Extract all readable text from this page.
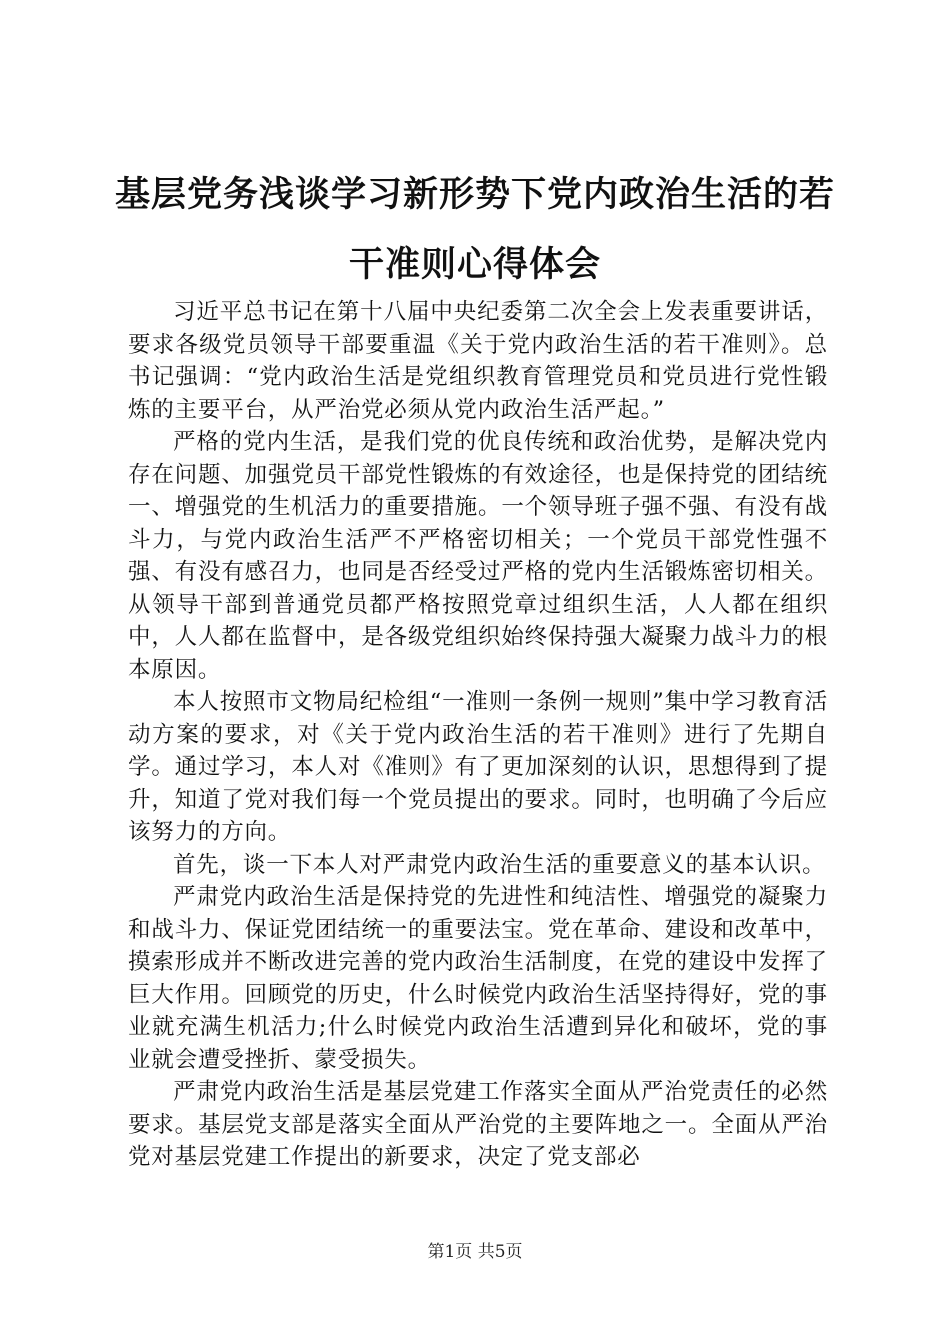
基层党务浅谈学习新形势下党内政治生活的若干准则心得体会

习近平总书记在第十八届中央纪委第二次全会上发表重要讲话，要求各级党员领导干部要重温《关于党内政治生活的若干准则》。总书记强调：“党内政治生活是党组织教育管理党员和党员进行党性锻炼的主要平台，从严治党必须从党内政治生活严起。”

严格的党内生活，是我们党的优良传统和政治优势，是解决党内存在问题、加强党员干部党性锻炼的有效途径，也是保持党的团结统一、增强党的生机活力的重要措施。一个领导班子强不强、有没有战斗力，与党内政治生活严不严格密切相关；一个党员干部党性强不强、有没有感召力，也同是否经受过严格的党内生活锻炼密切相关。从领导干部到普通党员都严格按照党章过组织生活，人人都在组织中，人人都在监督中，是各级党组织始终保持强大凝聚力战斗力的根本原因。

本人按照市文物局纪检组“一准则一条例一规则”集中学习教育活动方案的要求，对《关于党内政治生活的若干准则》进行了先期自学。通过学习，本人对《准则》有了更加深刻的认识，思想得到了提升，知道了党对我们每一个党员提出的要求。同时，也明确了今后应该努力的方向。

首先，谈一下本人对严肃党内政治生活的重要意义的基本认识。

严肃党内政治生活是保持党的先进性和纯洁性、增强党的凝聚力和战斗力、保证党团结统一的重要法宝。党在革命、建设和改革中，摸索形成并不断改进完善的党内政治生活制度，在党的建设中发挥了巨大作用。回顾党的历史，什么时候党内政治生活坚持得好，党的事业就充满生机活力;什么时候党内政治生活遭到异化和破坏，党的事业就会遭受挫折、蒙受损失。

严肃党内政治生活是基层党建工作落实全面从严治党责任的必然要求。基层党支部是落实全面从严治党的主要阵地之一。全面从严治党对基层党建工作提出的新要求，决定了党支部必

第1页 共5页
